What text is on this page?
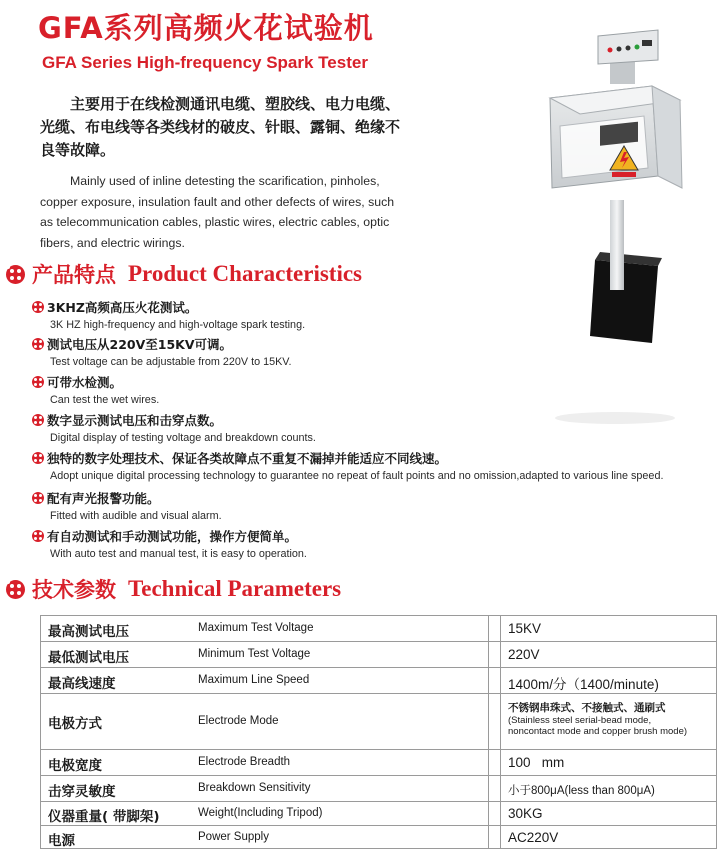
GFA系列高频火花试验机
GFA Series High-frequency Spark Tester
主要用于在线检测通讯电缆、塑胶线、电力电缆、光缆、布电线等各类线材的破皮、针眼、露铜、绝缘不良等故障。
Mainly used of inline detesting the scarification, pinholes, copper exposure, insulation fault and other defects of wires, such as telecommunication cables, plastic wires, electric cables, optic fibers, and electric wirings.
产品特点 Product Characteristics
3KHZ高频高压火花测试。
3K HZ high-frequency and high-voltage spark testing.
测试电压从220V至15KV可调。
Test voltage can be adjustable from 220V to 15KV.
可带水检测。
Can test the wet wires.
数字显示测试电压和击穿点数。
Digital display of testing voltage and breakdown counts.
独特的数字处理技术、保证各类故障点不重复不漏掉并能适应不同线速。
Adopt unique digital processing technology to guarantee no repeat of fault points and no omission,adapted to various line speed.
配有声光报警功能。
Fitted with audible and visual alarm.
有自动测试和手动测试功能，操作方便简单。
With auto test and manual test, it is easy to operation.
技术参数 Technical Parameters
最高测试电压	Maximum Test Voltage	15KV
最低测试电压	Minimum Test Voltage	220V
最高线速度	Maximum Line Speed	1400m/分（1400/minute)
电极方式	Electrode Mode
不锈钢串珠式、不接触式、通刷式
(Stainless steel serial-bead mode,
noncontact mode and copper brush mode)
电极宽度	Electrode Breadth	100   mm
击穿灵敏度	Breakdown Sensitivity	小于800μA(less than 800μA)
仪器重量( 带脚架)	Weight(Including Tripod)	30KG
电源	Power Supply	AC220V
